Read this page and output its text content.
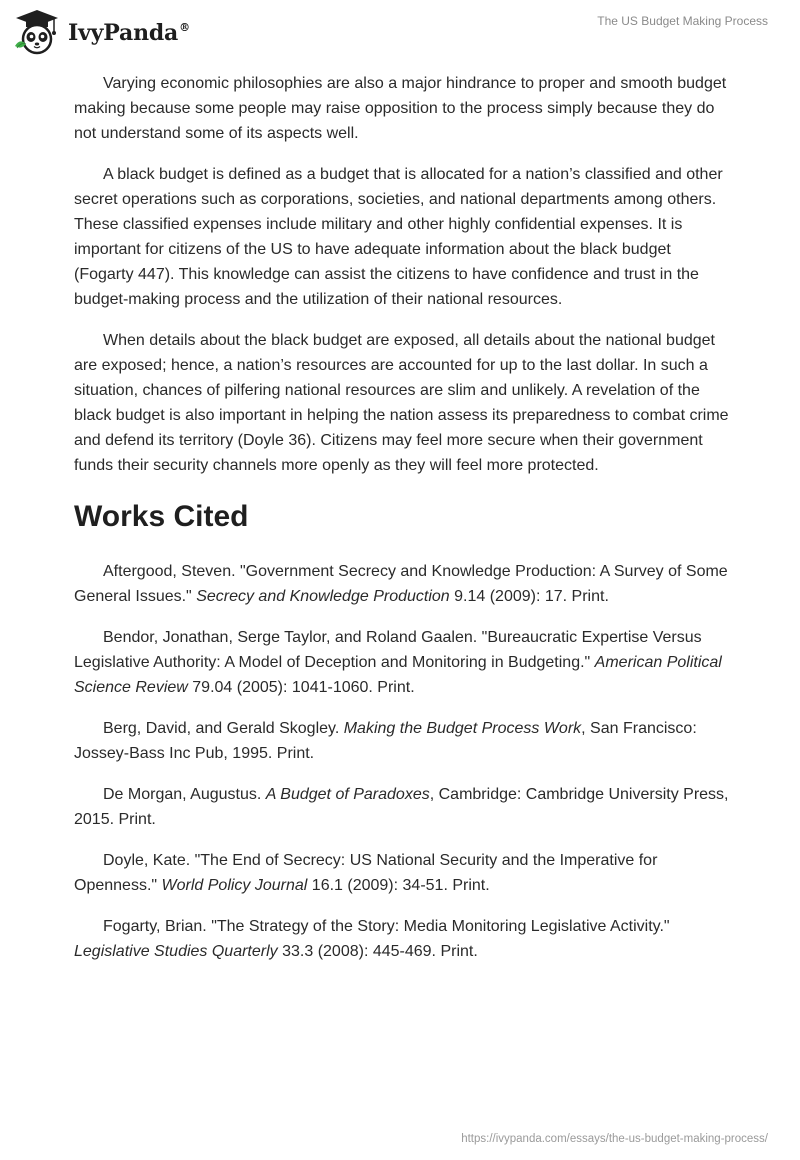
IvyPanda®	The US Budget Making Process

Varying economic philosophies are also a major hindrance to proper and smooth budget making because some people may raise opposition to the process simply because they do not understand some of its aspects well.

A black budget is defined as a budget that is allocated for a nation’s classified and other secret operations such as corporations, societies, and national departments among others. These classified expenses include military and other highly confidential expenses. It is important for citizens of the US to have adequate information about the black budget (Fogarty 447). This knowledge can assist the citizens to have confidence and trust in the budget-making process and the utilization of their national resources.

When details about the black budget are exposed, all details about the national budget are exposed; hence, a nation’s resources are accounted for up to the last dollar. In such a situation, chances of pilfering national resources are slim and unlikely. A revelation of the black budget is also important in helping the nation assess its preparedness to combat crime and defend its territory (Doyle 36). Citizens may feel more secure when their government funds their security channels more openly as they will feel more protected.

Works Cited

Aftergood, Steven. "Government Secrecy and Knowledge Production: A Survey of Some General Issues." Secrecy and Knowledge Production 9.14 (2009): 17. Print.

Bendor, Jonathan, Serge Taylor, and Roland Gaalen. "Bureaucratic Expertise Versus Legislative Authority: A Model of Deception and Monitoring in Budgeting." American Political Science Review 79.04 (2005): 1041-1060. Print.

Berg, David, and Gerald Skogley. Making the Budget Process Work, San Francisco: Jossey-Bass Inc Pub, 1995. Print.

De Morgan, Augustus. A Budget of Paradoxes, Cambridge: Cambridge University Press, 2015. Print.

Doyle, Kate. "The End of Secrecy: US National Security and the Imperative for Openness." World Policy Journal 16.1 (2009): 34-51. Print.

Fogarty, Brian. "The Strategy of the Story: Media Monitoring Legislative Activity." Legislative Studies Quarterly 33.3 (2008): 445-469. Print.

https://ivypanda.com/essays/the-us-budget-making-process/
